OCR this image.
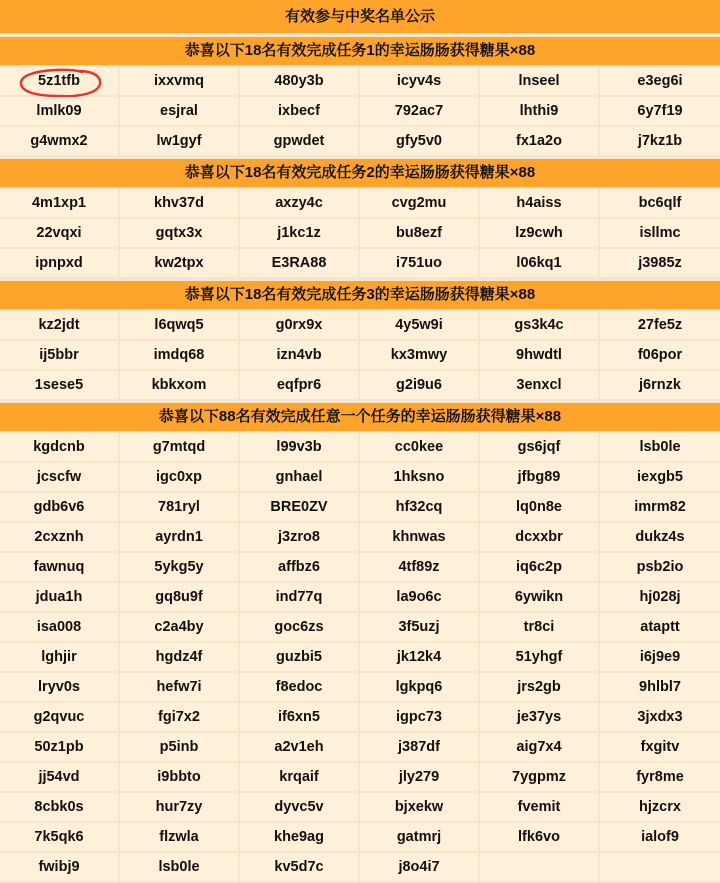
有效参与中奖名单公示
恭喜以下18名有效完成任务1的幸运肠肠获得糖果×88
5z1tfb	ixxvmq	480y3b	icyv4s	lnseel	e3eg6i
lmlk09	esjral	ixbecf	792ac7	lhthi9	6y7f19
g4wmx2	lw1gyf	gpwdet	gfy5v0	fx1a2o	j7kz1b
恭喜以下18名有效完成任务2的幸运肠肠获得糖果×88
4m1xp1	khv37d	axzy4c	cvg2mu	h4aiss	bc6qlf
22vqxi	gqtx3x	j1kc1z	bu8ezf	lz9cwh	isllmc
ipnpxd	kw2tpx	E3RA88	i751uo	l06kq1	j3985z
恭喜以下18名有效完成任务3的幸运肠肠获得糖果×88
kz2jdt	l6qwq5	g0rx9x	4y5w9i	gs3k4c	27fe5z
ij5bbr	imdq68	izn4vb	kx3mwy	9hwdtl	f06por
1sese5	kbkxom	eqfpr6	g2i9u6	3enxcl	j6rnzk
恭喜以下88名有效完成任意一个任务的幸运肠肠获得糖果×88
kgdcnb	g7mtqd	l99v3b	cc0kee	gs6jqf	lsb0le
jcscfw	igc0xp	gnhael	1hksno	jfbg89	iexgb5
gdb6v6	781ryl	BRE0ZV	hf32cq	lq0n8e	imrm82
2cxznh	ayrdn1	j3zro8	khnwas	dcxxbr	dukz4s
fawnuq	5ykg5y	affbz6	4tf89z	iq6c2p	psb2io
jdua1h	gq8u9f	ind77q	la9o6c	6ywikn	hj028j
isa008	c2a4by	goc6zs	3f5uzj	tr8ci	ataptt
lghjir	hgdz4f	guzbi5	jk12k4	51yhgf	i6j9e9
lryv0s	hefw7i	f8edoc	lgkpq6	jrs2gb	9hlbl7
g2qvuc	fgi7x2	if6xn5	igpc73	je37ys	3jxdx3
50z1pb	p5inb	a2v1eh	j387df	aig7x4	fxgitv
jj54vd	i9bbto	krqaif	jly279	7ygpmz	fyr8me
8cbk0s	hur7zy	dyvc5v	bjxekw	fvemit	hjzcrx
7k5qk6	flzwla	khe9ag	gatmrj	lfk6vo	ialof9
fwibj9	lsb0le	kv5d7c	j8o4i7
